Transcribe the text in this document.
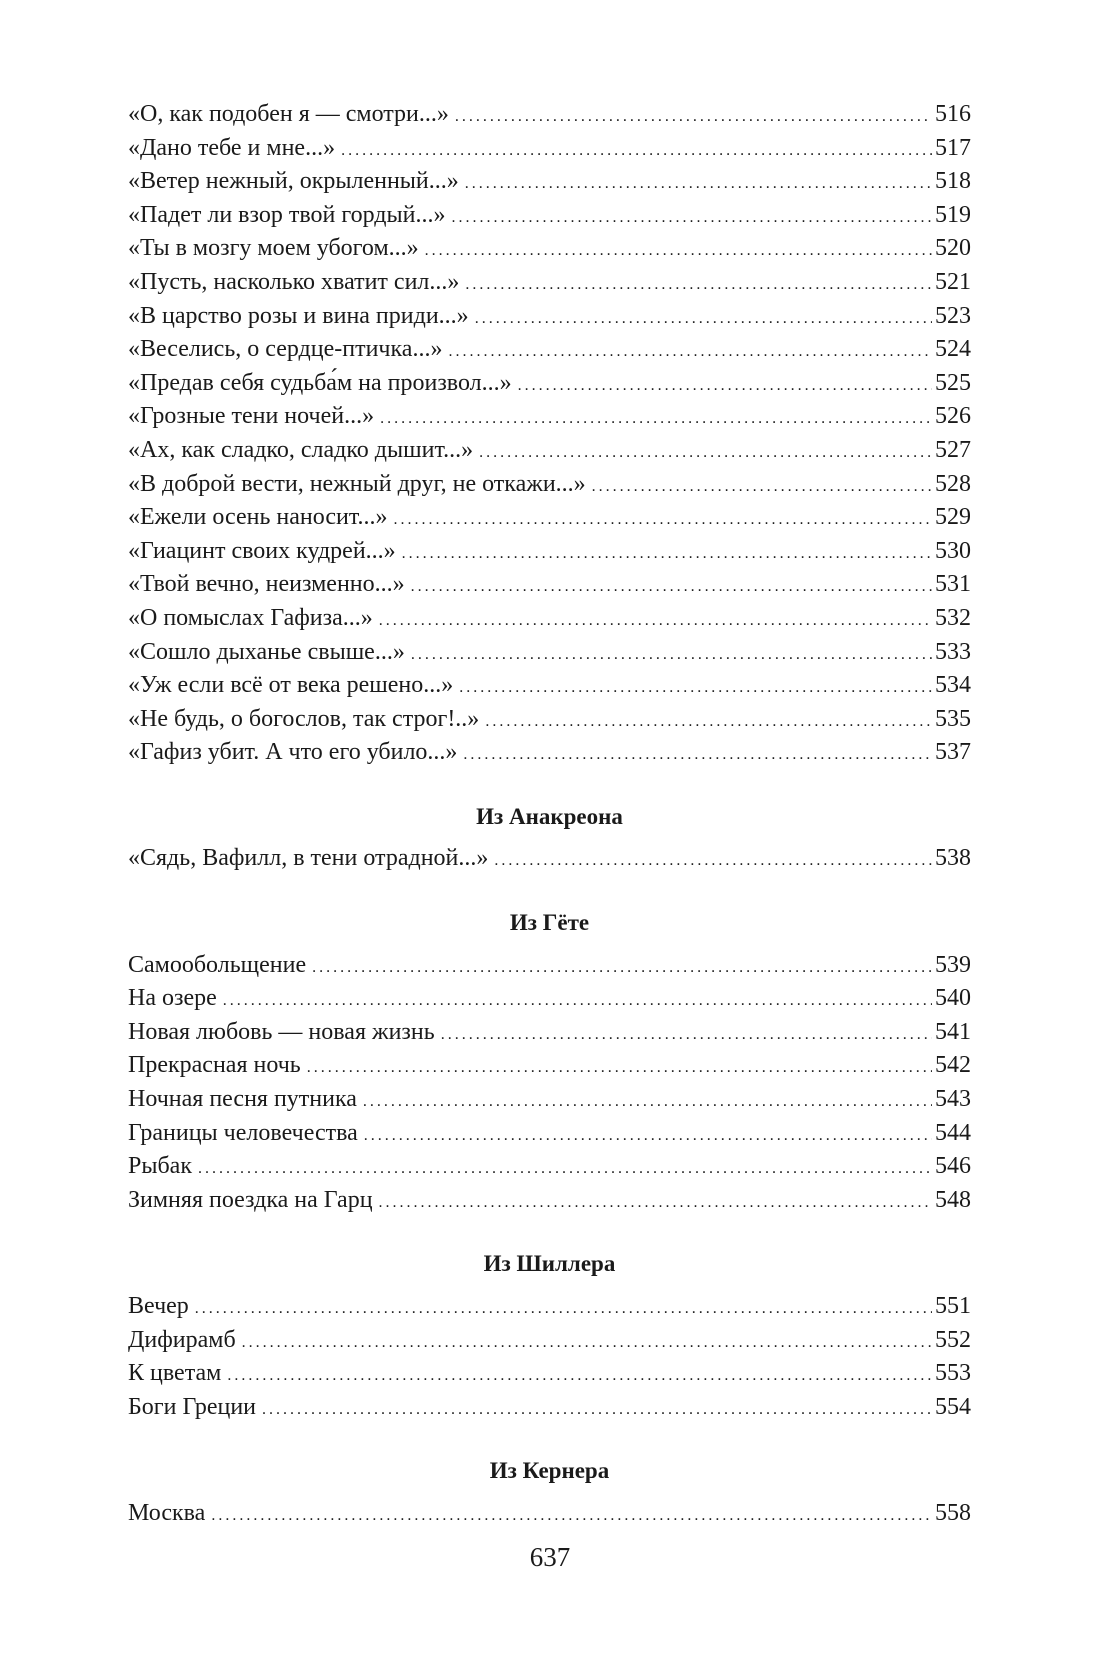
«О, как подобен я — смотри...» . . .	516
«Дано тебе и мне...» . . .	517
«Ветер нежный, окрыленный...» . . .	518
«Падет ли взор твой гордый...» . . .	519
«Ты в мозгу моем убогом...» . . .	520
«Пусть, насколько хватит сил...» . . .	521
«В царство розы и вина приди...» . . .	523
«Веселись, о сердце-птичка...» . . .	524
«Предав себя судьба́м на произвол...» . . .	525
«Грозные тени ночей...» . . .	526
«Ах, как сладко, сладко дышит...» . . .	527
«В доброй вести, нежный друг, не откажи...» . . .	528
«Ежели осень наносит...» . . .	529
«Гиацинт своих кудрей...» . . .	530
«Твой вечно, неизменно...» . . .	531
«О помыслах Гафиза...» . . .	532
«Сошло дыханье свыше...» . . .	533
«Уж если всё от века решено...» . . .	534
«Не будь, о богослов, так строг!..» . . .	535
«Гафиз убит. А что его убило...» . . .	537
Из Анакреона
«Сядь, Вафилл, в тени отрадной...» . . .	538
Из Гёте
Самообольщение . . .	539
На озере . . .	540
Новая любовь — новая жизнь . . .	541
Прекрасная ночь . . .	542
Ночная песня путника . . .	543
Границы человечества . . .	544
Рыбак . . .	546
Зимняя поездка на Гарц . . .	548
Из Шиллера
Вечер . . .	551
Дифирамб . . .	552
К цветам . . .	553
Боги Греции . . .	554
Из Кернера
Москва . . .	558
637
